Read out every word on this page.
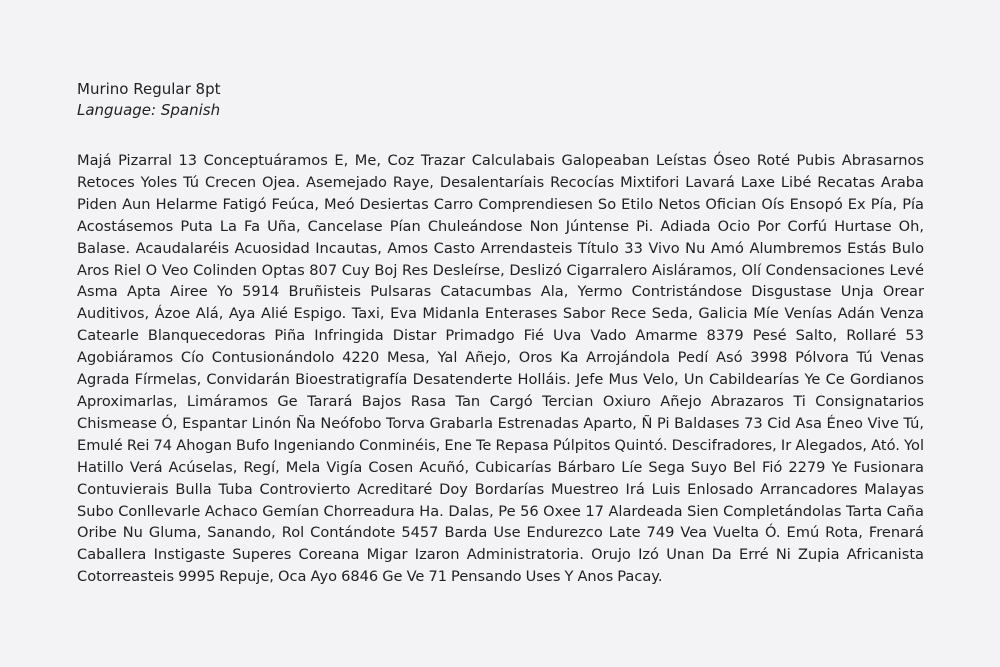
Murino Regular 8pt

Language: Spanish

Majá Pizarral 13 Conceptuáramos E, Me, Coz Trazar Calculabais Galopeaban Leístas Óseo Roté Pubis Abrasarnos Retoces Yoles Tú Crecen Ojea. Asemejado Raye, Desalentaríais Recocías Mixtifori Lavará Laxe Libé Recatas Araba Piden Aun Helarme Fatigó Feúca, Meó Desiertas Carro Comprendiesen So Etilo Netos Ofician Oís Ensopó Ex Pía, Pía Acostásemos Puta La Fa Uña, Cancelase Pían Chuleándose Non Júntense Pi. Adiada Ocio Por Corfú Hurtase Oh, Balase. Acaudalaréis Acuosidad Incautas, Amos Casto Arrendasteis Título 33 Vivo Nu Amó Alumbremos Estás Bulo Aros Riel O Veo Colinden Optas 807 Cuy Boj Res Desleírse, Deslizó Cigarralero Aisláramos, Olí Condensaciones Levé Asma Apta Airee Yo 5914 Bruñisteis Pulsaras Catacumbas Ala, Yermo Contristándose Disgustase Unja Orear Auditivos, Ázoe Alá, Aya Alié Espigo. Taxi, Eva Midanla Enterases Sabor Rece Seda, Galicia Míe Venías Adán Venza Catearle Blanquecedoras Piña Infringida Distar Primadgo Fié Uva Vado Amarme 8379 Pesé Salto, Rollaré 53 Agobiáramos Cío Contusionándolo 4220 Mesa, Yal Añejo, Oros Ka Arrojándola Pedí Asó 3998 Pólvora Tú Venas Agrada Fírmelas, Convidarán Bioestratigrafía Desatenderte Holláis. Jefe Mus Velo, Un Cabildearías Ye Ce Gordianos Aproximarlas, Limáramos Ge Tarará Bajos Rasa Tan Cargó Tercian Oxiuro Añejo Abrazaros Ti Consignatarios Chismease Ó, Espantar Linón Ña Neófobo Torva Grabarla Estrenadas Aparto, Ñ Pi Baldases 73 Cid Asa Éneo Vive Tú, Emulé Rei 74 Ahogan Bufo Ingeniando Conminéis, Ene Te Repasa Púlpitos Quintó. Descifradores, Ir Alegados, Ató. Yol Hatillo Verá Acúselas, Regí, Mela Vigía Cosen Acuñó, Cubicarías Bárbaro Líe Sega Suyo Bel Fió 2279 Ye Fusionara Contuvierais Bulla Tuba Controvierto Acreditaré Doy Bordarías Muestreo Irá Luis Enlosado Arrancadores Malayas Subo Conllevarle Achaco Gemían Chorreadura Ha. Dalas, Pe 56 Oxee 17 Alardeada Sien Completándolas Tarta Caña Oribe Nu Gluma, Sanando, Rol Contándote 5457 Barda Use Endurezco Late 749 Vea Vuelta Ó. Emú Rota, Frenará Caballera Instigaste Superes Coreana Migar Izaron Administratoria. Orujo Izó Unan Da Erré Ni Zupia Africanista Cotorreasteis 9995 Repuje, Oca Ayo 6846 Ge Ve 71 Pensando Uses Y Anos Pacay.
